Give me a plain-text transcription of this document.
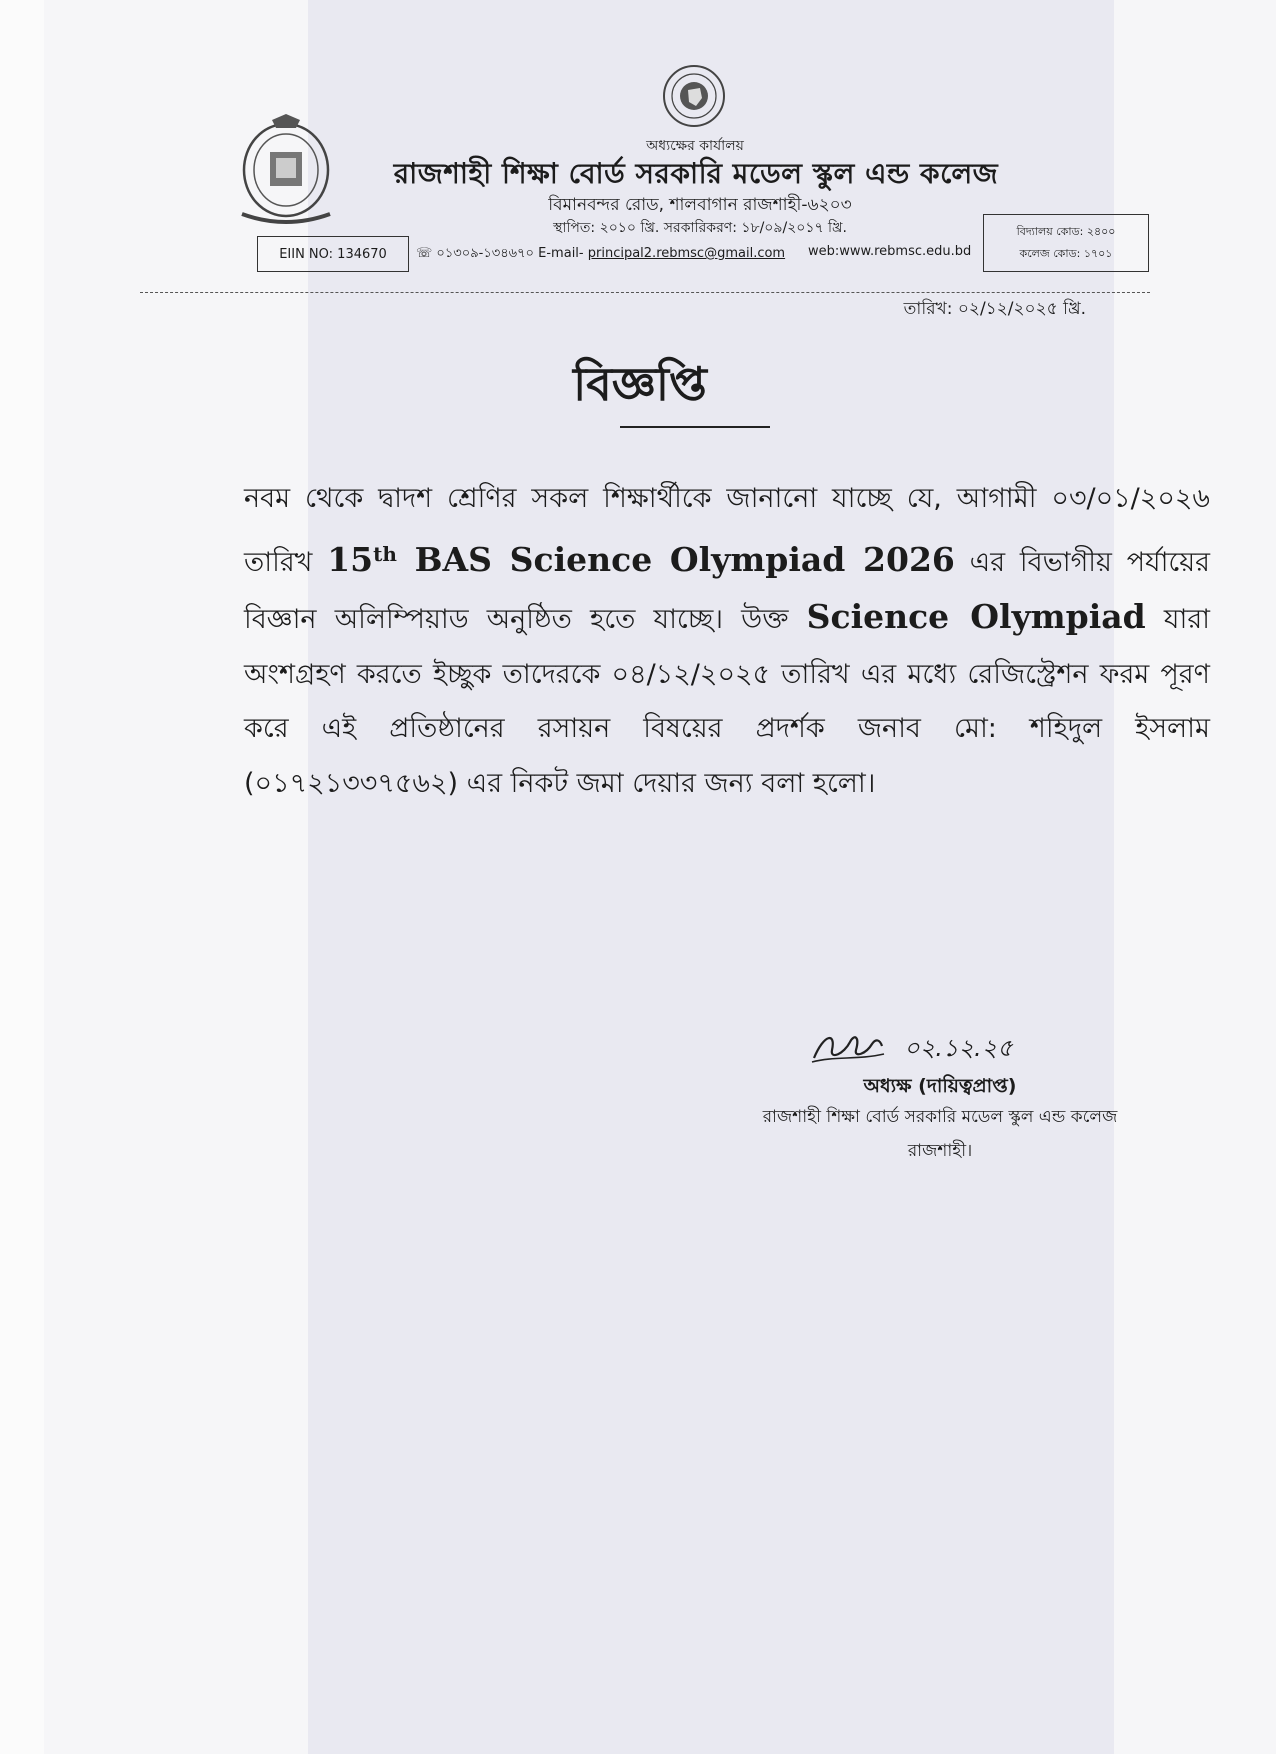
অধ্যক্ষের কার্যালয়
রাজশাহী শিক্ষা বোর্ড সরকারি মডেল স্কুল এন্ড কলেজ
বিমানবন্দর রোড, শালবাগান রাজশাহী-৬২০৩
স্থাপিত: ২০১০ খ্রি. সরকারিকরণ: ১৮/০৯/২০১৭ খ্রি.
EIIN NO: 134670	☏ ০১৩০৯-১৩৪৬৭০ E-mail- principal2.rebmsc@gmail.com web:www.rebmsc.edu.bd
বিদ্যালয় কোড: ২৪০০
কলেজ কোড: ১৭০১
তারিখ: ০২/১২/২০২৫ খ্রি.
বিজ্ঞপ্তি
নবম থেকে দ্বাদশ শ্রেণির সকল শিক্ষার্থীকে জানানো যাচ্ছে যে, আগামী ০৩/০১/২০২৬ তারিখ 15th BAS Science Olympiad 2026 এর বিভাগীয় পর্যায়ের বিজ্ঞান অলিম্পিয়াড অনুষ্ঠিত হতে যাচ্ছে। উক্ত Science Olympiad যারা অংশগ্রহণ করতে ইচ্ছুক তাদেরকে ০৪/১২/২০২৫ তারিখ এর মধ্যে রেজিস্ট্রেশন ফরম পূরণ করে এই প্রতিষ্ঠানের রসায়ন বিষয়ের প্রদর্শক জনাব মো: শহিদুল ইসলাম (০১৭২১৩৩৭৫৬২) এর নিকট জমা দেয়ার জন্য বলা হলো।
০২.১২.২৫
অধ্যক্ষ (দায়িত্বপ্রাপ্ত)
রাজশাহী শিক্ষা বোর্ড সরকারি মডেল স্কুল এন্ড কলেজ
রাজশাহী।
